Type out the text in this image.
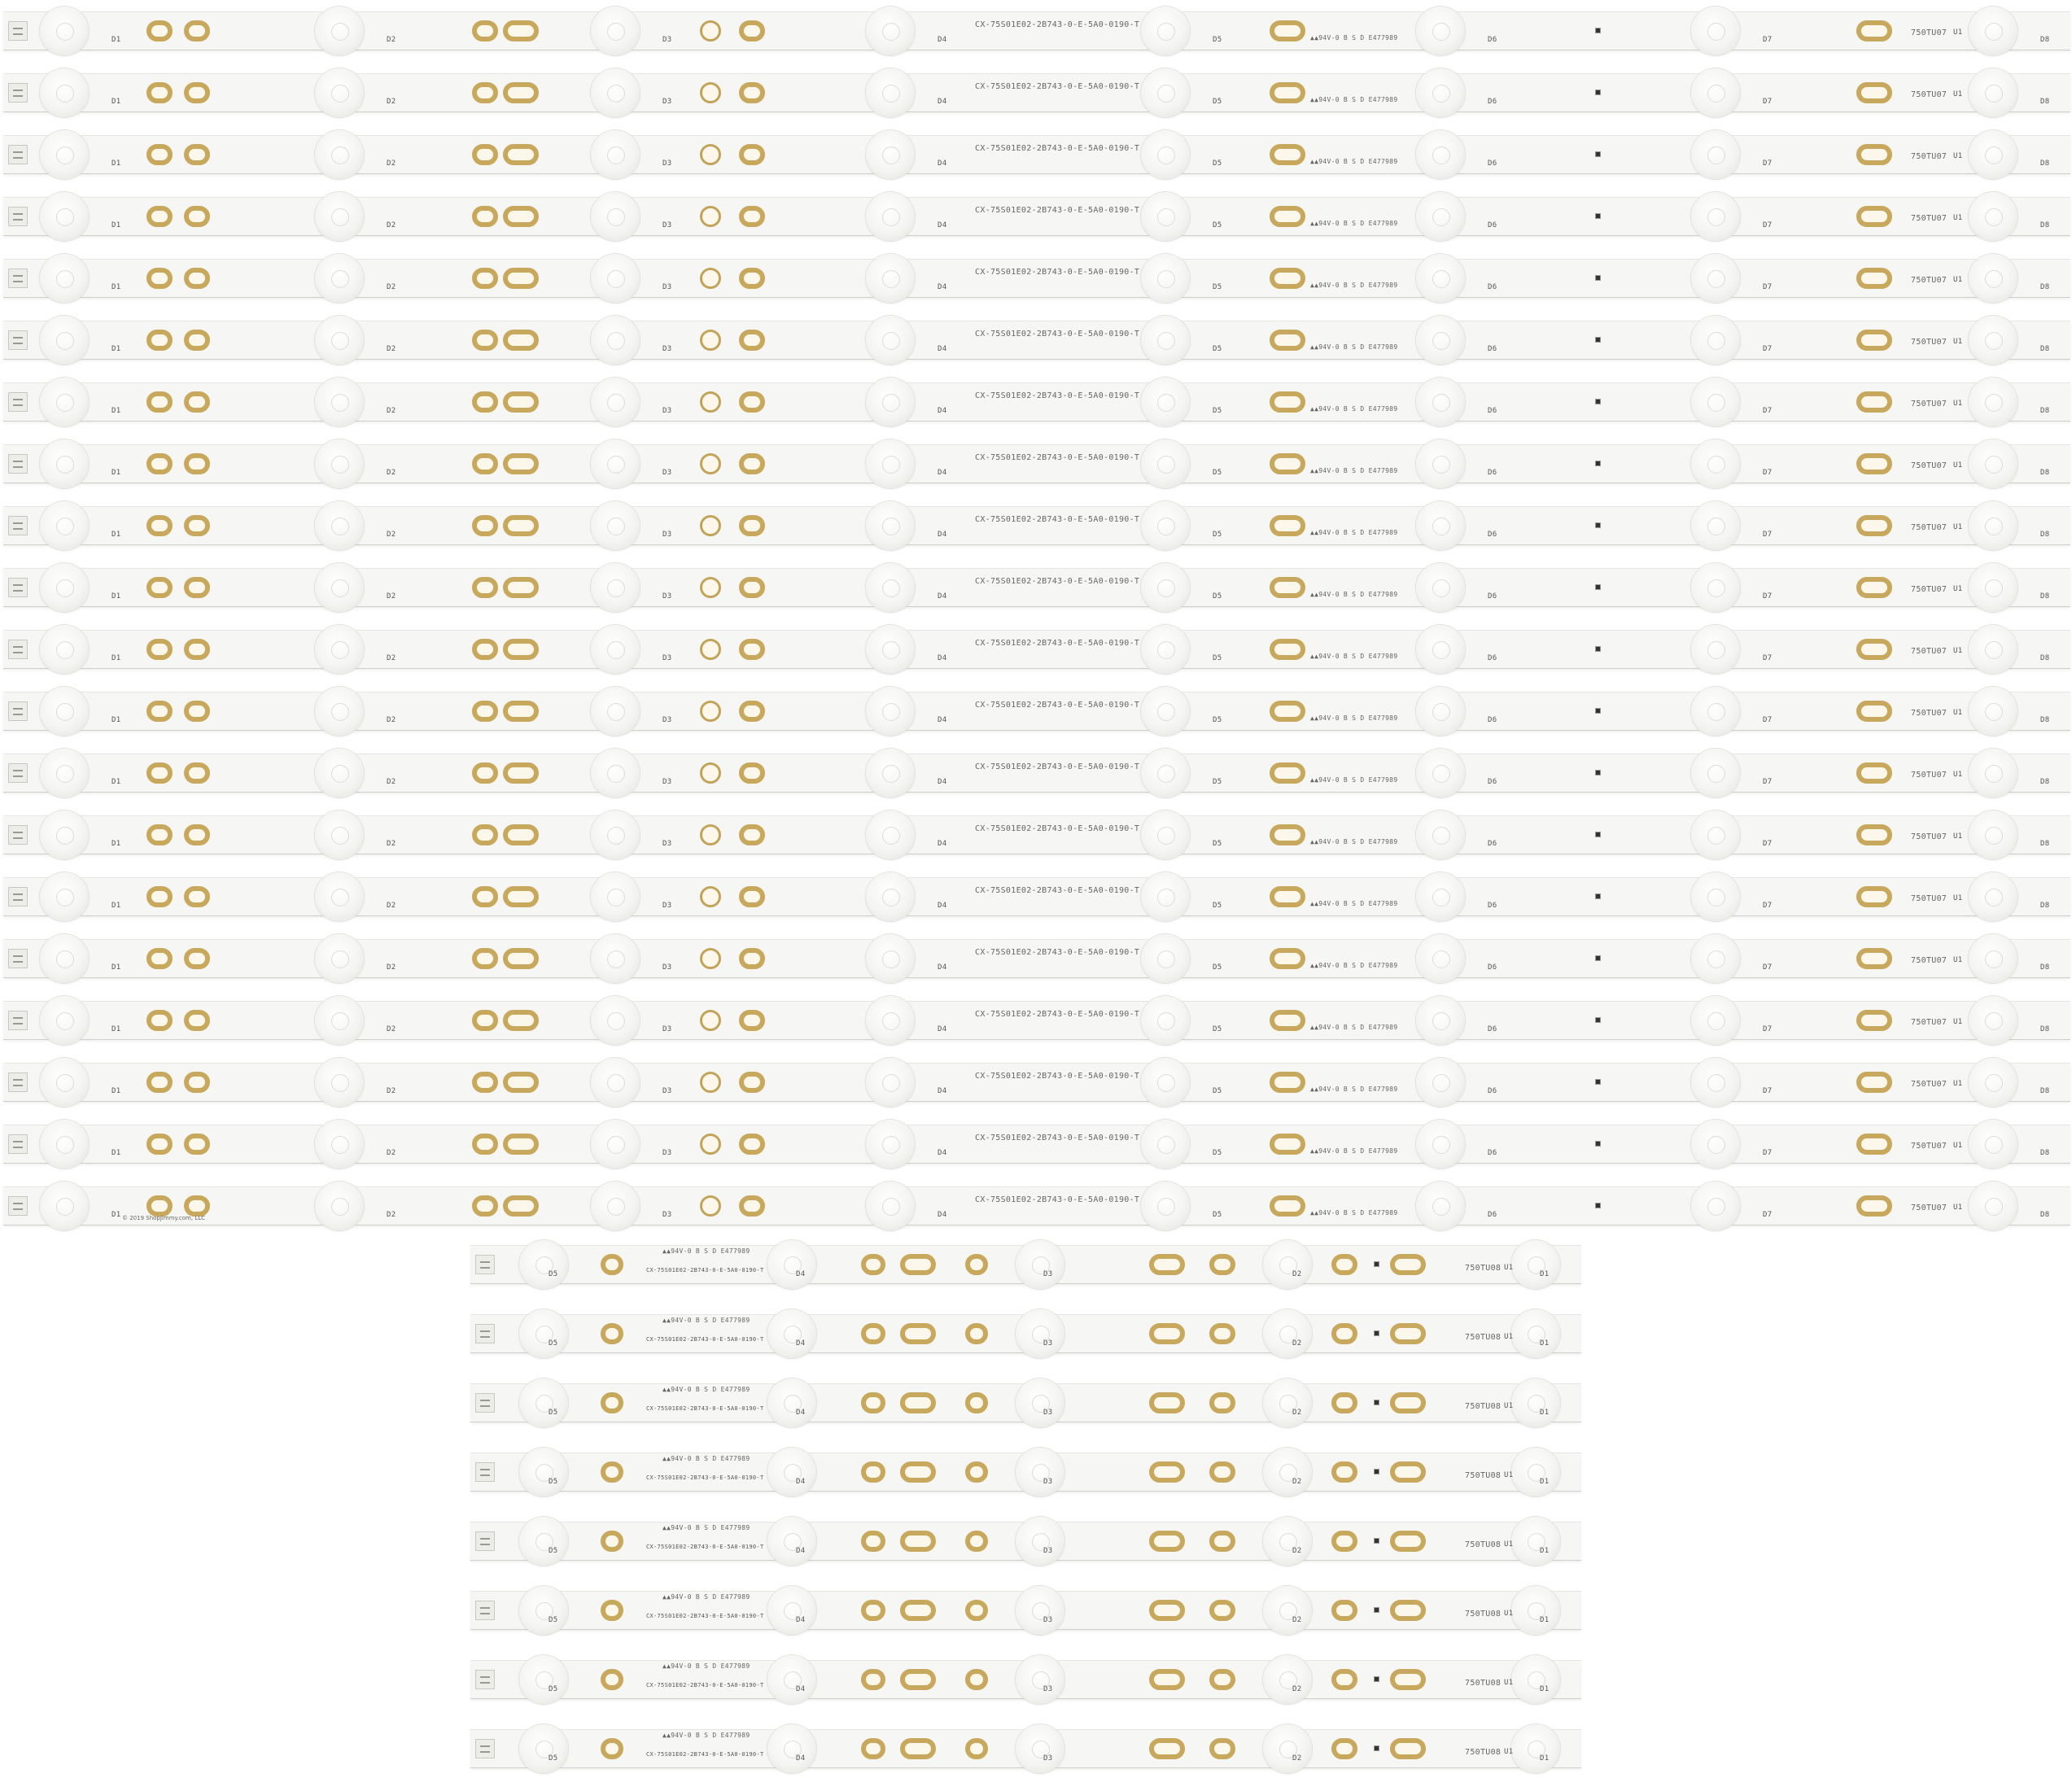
D1	D2	D3	D4	D5	D6	D7	D8
CX-75S01E02-2B743-0-E-5A0-0190-T
▲▲94V-0 B S D E477989
750TU07 U1
D1	D2	D3	D4	D5	D6	D7	D8
CX-75S01E02-2B743-0-E-5A0-0190-T
▲▲94V-0 B S D E477989
750TU07 U1
D1	D2	D3	D4	D5	D6	D7	D8
CX-75S01E02-2B743-0-E-5A0-0190-T
▲▲94V-0 B S D E477989
750TU07 U1
D1	D2	D3	D4	D5	D6	D7	D8
CX-75S01E02-2B743-0-E-5A0-0190-T
▲▲94V-0 B S D E477989
750TU07 U1
D1	D2	D3	D4	D5	D6	D7	D8
CX-75S01E02-2B743-0-E-5A0-0190-T
▲▲94V-0 B S D E477989
750TU07 U1
D1	D2	D3	D4	D5	D6	D7	D8
CX-75S01E02-2B743-0-E-5A0-0190-T
▲▲94V-0 B S D E477989
750TU07 U1
D1	D2	D3	D4	D5	D6	D7	D8
CX-75S01E02-2B743-0-E-5A0-0190-T
▲▲94V-0 B S D E477989
750TU07 U1
D1	D2	D3	D4	D5	D6	D7	D8
CX-75S01E02-2B743-0-E-5A0-0190-T
▲▲94V-0 B S D E477989
750TU07 U1
D1	D2	D3	D4	D5	D6	D7	D8
CX-75S01E02-2B743-0-E-5A0-0190-T
▲▲94V-0 B S D E477989
750TU07 U1
D1	D2	D3	D4	D5	D6	D7	D8
CX-75S01E02-2B743-0-E-5A0-0190-T
▲▲94V-0 B S D E477989
750TU07 U1
D1	D2	D3	D4	D5	D6	D7	D8
CX-75S01E02-2B743-0-E-5A0-0190-T
▲▲94V-0 B S D E477989
750TU07 U1
D1	D2	D3	D4	D5	D6	D7	D8
CX-75S01E02-2B743-0-E-5A0-0190-T
▲▲94V-0 B S D E477989
750TU07 U1
D1	D2	D3	D4	D5	D6	D7	D8
CX-75S01E02-2B743-0-E-5A0-0190-T
▲▲94V-0 B S D E477989
750TU07 U1
D1	D2	D3	D4	D5	D6	D7	D8
CX-75S01E02-2B743-0-E-5A0-0190-T
▲▲94V-0 B S D E477989
750TU07 U1
D1	D2	D3	D4	D5	D6	D7	D8
CX-75S01E02-2B743-0-E-5A0-0190-T
▲▲94V-0 B S D E477989
750TU07 U1
D1	D2	D3	D4	D5	D6	D7	D8
CX-75S01E02-2B743-0-E-5A0-0190-T
▲▲94V-0 B S D E477989
750TU07 U1
D1	D2	D3	D4	D5	D6	D7	D8
CX-75S01E02-2B743-0-E-5A0-0190-T
▲▲94V-0 B S D E477989
750TU07 U1
D1	D2	D3	D4	D5	D6	D7	D8
CX-75S01E02-2B743-0-E-5A0-0190-T
▲▲94V-0 B S D E477989
750TU07 U1
D1	D2	D3	D4	D5	D6	D7	D8
CX-75S01E02-2B743-0-E-5A0-0190-T
▲▲94V-0 B S D E477989
750TU07 U1
D1	D2	D3	D4	D5	D6	D7	D8
CX-75S01E02-2B743-0-E-5A0-0190-T
▲▲94V-0 B S D E477989
750TU07 U1
D5	D4	D3	D2	D1
▲▲94V-0 B S D E477989
CX-75S01E02-2B743-0-E-5A0-0190-T	750TU08 U1
D5	D4	D3	D2	D1
▲▲94V-0 B S D E477989
CX-75S01E02-2B743-0-E-5A0-0190-T	750TU08 U1
D5	D4	D3	D2	D1
▲▲94V-0 B S D E477989
CX-75S01E02-2B743-0-E-5A0-0190-T	750TU08 U1
D5	D4	D3	D2	D1
▲▲94V-0 B S D E477989
CX-75S01E02-2B743-0-E-5A0-0190-T	750TU08 U1
D5	D4	D3	D2	D1
▲▲94V-0 B S D E477989
CX-75S01E02-2B743-0-E-5A0-0190-T	750TU08 U1
D5	D4	D3	D2	D1
▲▲94V-0 B S D E477989
CX-75S01E02-2B743-0-E-5A0-0190-T	750TU08 U1
D5	D4	D3	D2	D1
▲▲94V-0 B S D E477989
CX-75S01E02-2B743-0-E-5A0-0190-T	750TU08 U1
D5	D4	D3	D2	D1
▲▲94V-0 B S D E477989
CX-75S01E02-2B743-0-E-5A0-0190-T	750TU08 U1
© 2019 ShopJimmy.com, LLC
